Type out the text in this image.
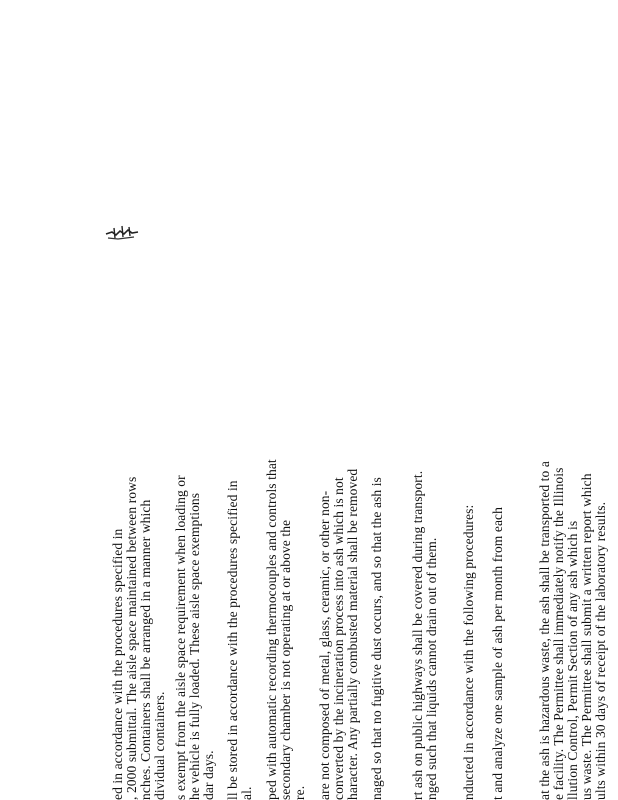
ed in accordance with the procedures specified in , 2000 submittal. The aisle space maintained between rows nches. Containers shall be arranged in a manner which dividual containers. s exempt from the aisle space requirement when loading or he vehicle is fully loaded. These aisle space exemptions dar days. ll be stored in accordance with the procedures specified in al. ped with automatic recording thermocouples and controls that secondary chamber is not operating at or above the re. are not composed of metal, glass, ceramic, or other non- converted by the incineration process into ash which is not haracter. Any partially combusted material shall be removed naged so that no fugitive dust occurs, and so that the ash is rt ash on public highways shall be covered during transport. nged such that liquids cannot drain out of them. nducted in accordance with the following procedures: t and analyze one sample of ash per month from each at the ash is hazardous waste, the ash shall be transported to a e facility. The Permittee shall immediately notify the Illinois llution Control, Permit Section of any ash which is us waste. The Permittee shall submit a written report which ults within 30 days of receipt of the laboratory results.
